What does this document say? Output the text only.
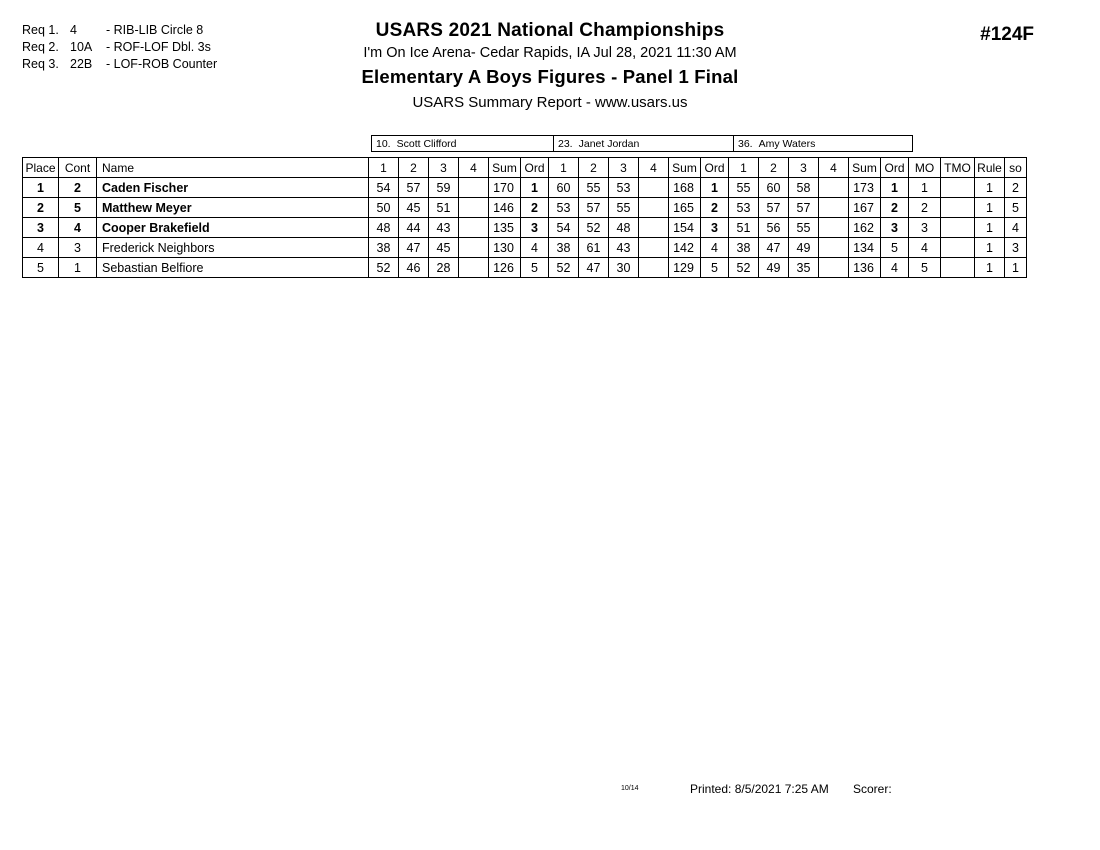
Req 1. 4 - RIB-LIB Circle 8
Req 2. 10A - ROF-LOF Dbl. 3s
Req 3. 22B - LOF-ROB Counter
USARS 2021 National Championships
I'm On Ice Arena- Cedar Rapids, IA Jul 28, 2021 11:30 AM
Elementary A Boys Figures - Panel 1 Final
USARS Summary Report - www.usars.us
#124F
10. Scott Clifford	23. Janet Jordan	36. Amy Waters
Place	Cont	Name	1	2	3	4	Sum	Ord	1	2	3	4	Sum	Ord	1	2	3	4	Sum	Ord	MO	TMO	Rule	so
1	2	Caden Fischer	54	57	59		170	1	60	55	53		168	1	55	60	58		173	1	1		1	2
2	5	Matthew Meyer	50	45	51		146	2	53	57	55		165	2	53	57	57		167	2	2		1	5
3	4	Cooper Brakefield	48	44	43		135	3	54	52	48		154	3	51	56	55		162	3	3		1	4
4	3	Frederick Neighbors	38	47	45		130	4	38	61	43		142	4	38	47	49		134	5	4		1	3
5	1	Sebastian Belfiore	52	46	28		126	5	52	47	30		129	5	52	49	35		136	4	5		1	1
10/14	Printed: 8/5/2021 7:25 AM Scorer:
